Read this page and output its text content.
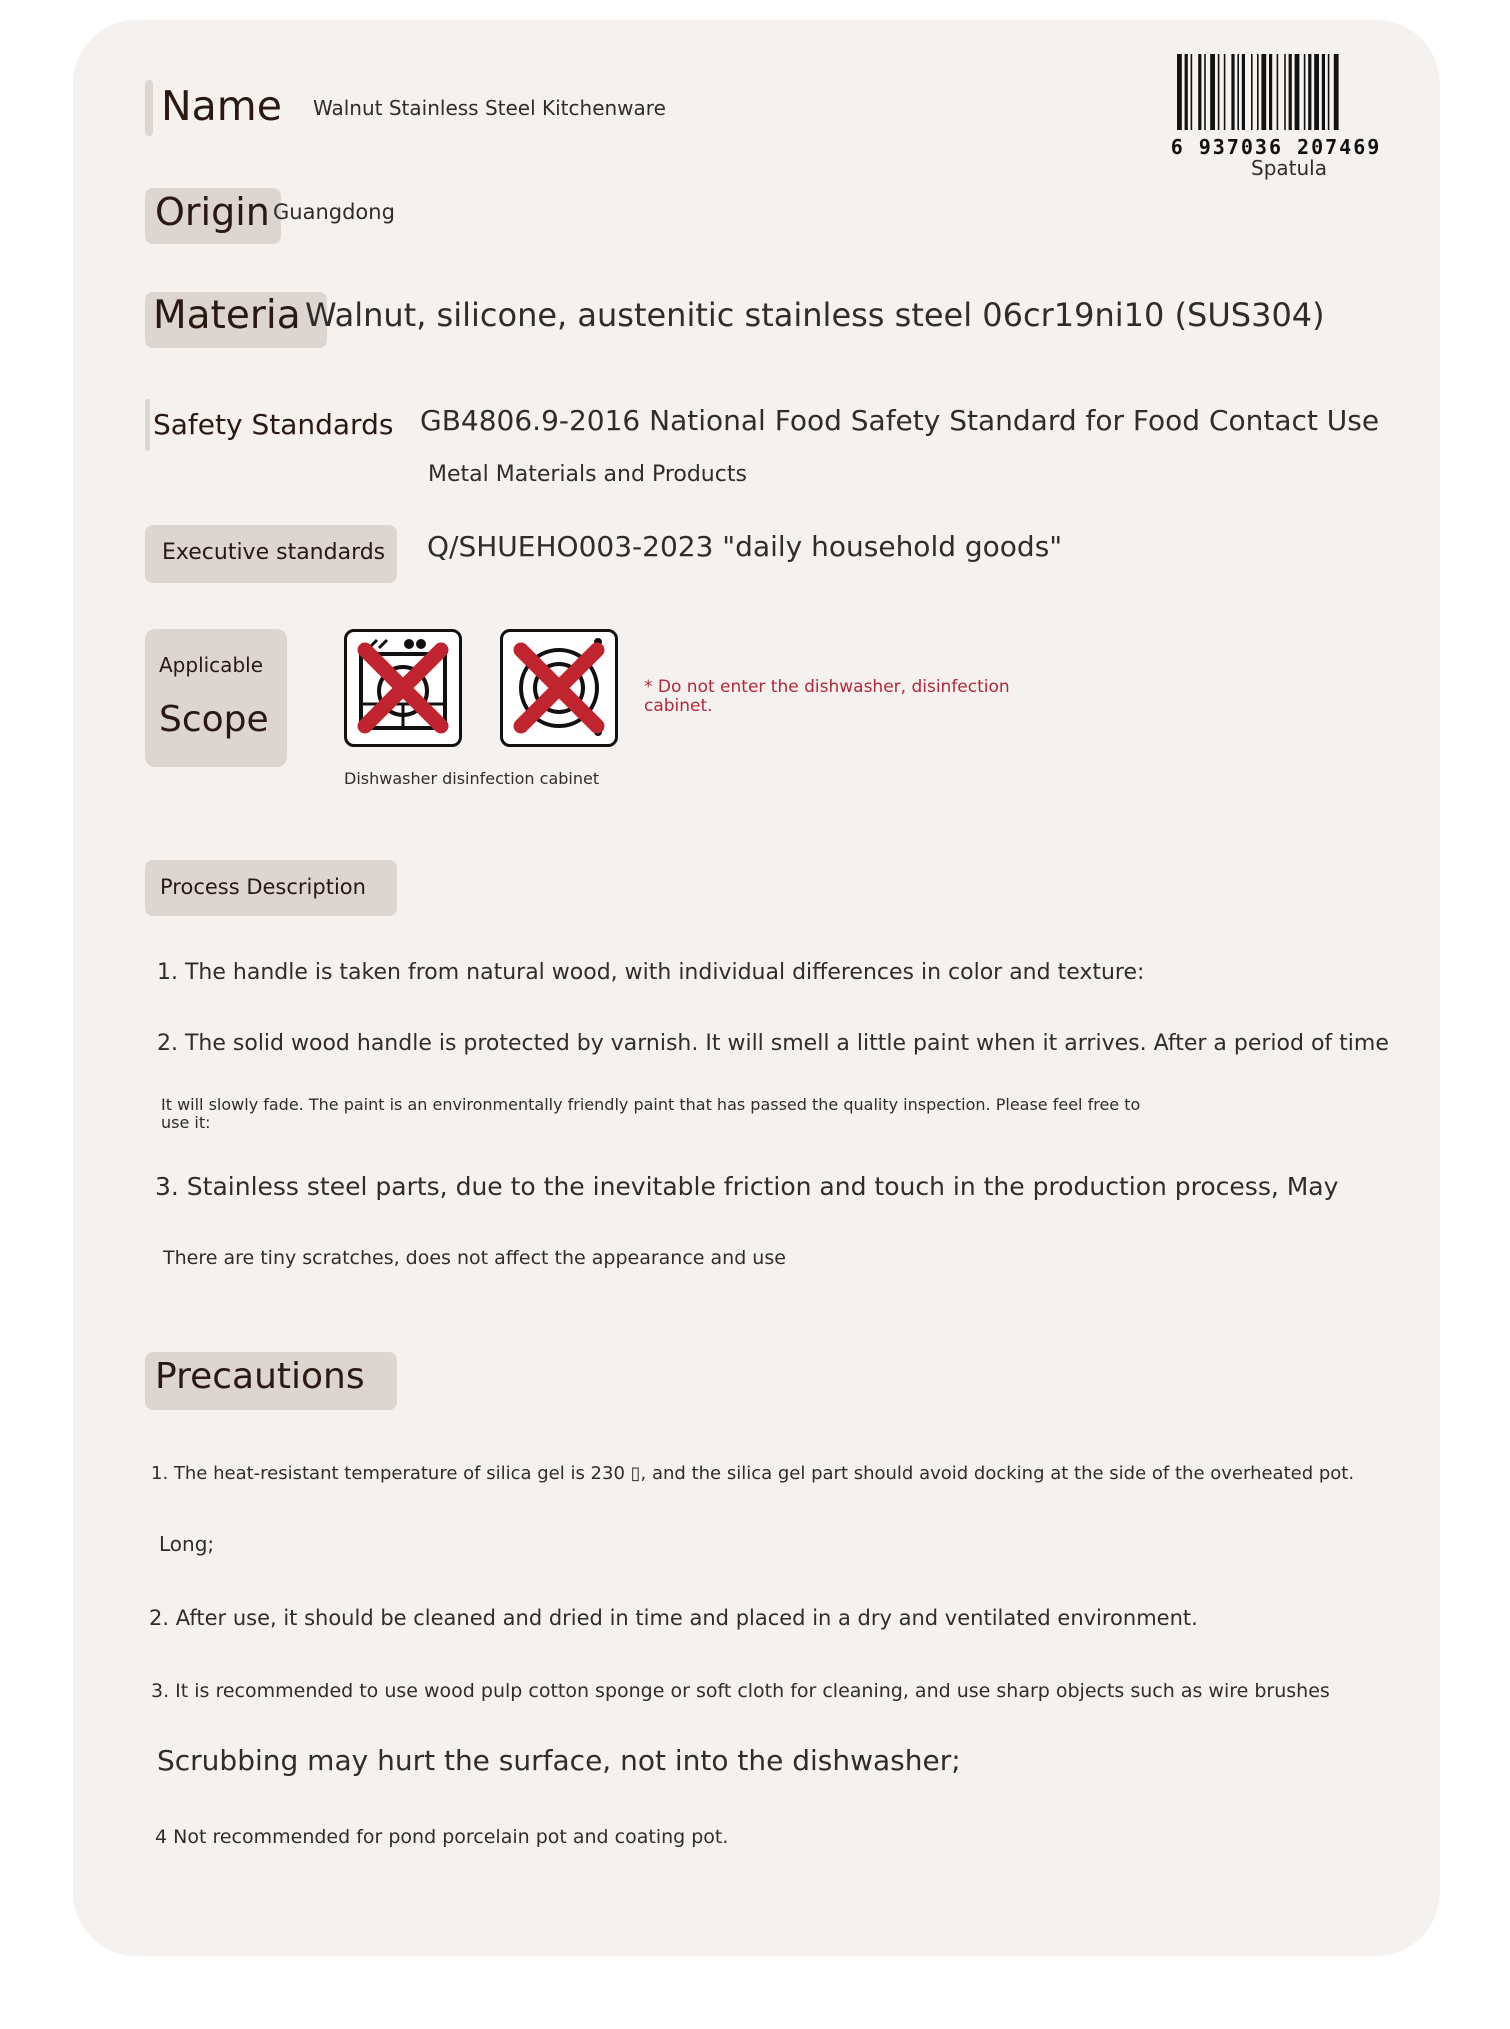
Name Walnut Stainless Steel Kitchenware
6 937036 207469
Spatula
Origin Guangdong
Materia Walnut, silicone, austenitic stainless steel 06cr19ni10 (SUS304)
Safety Standards GB4806.9-2016 National Food Safety Standard for Food Contact Use
Metal Materials and Products
Executive standards Q/SHUEHO003-2023 "daily household goods"
Applicable
Scope
Dishwasher disinfection cabinet
* Do not enter the dishwasher, disinfection
cabinet.
Process Description
1. The handle is taken from natural wood, with individual differences in color and texture:
2. The solid wood handle is protected by varnish. It will smell a little paint when it arrives. After a period of time
It will slowly fade. The paint is an environmentally friendly paint that has passed the quality inspection. Please feel free to
use it:
3. Stainless steel parts, due to the inevitable friction and touch in the production process, May
There are tiny scratches, does not affect the appearance and use
Precautions
1. The heat-resistant temperature of silica gel is 230 ▯, and the silica gel part should avoid docking at the side of the overheated pot.
Long;
2. After use, it should be cleaned and dried in time and placed in a dry and ventilated environment.
3. It is recommended to use wood pulp cotton sponge or soft cloth for cleaning, and use sharp objects such as wire brushes
Scrubbing may hurt the surface, not into the dishwasher;
4 Not recommended for pond porcelain pot and coating pot.
